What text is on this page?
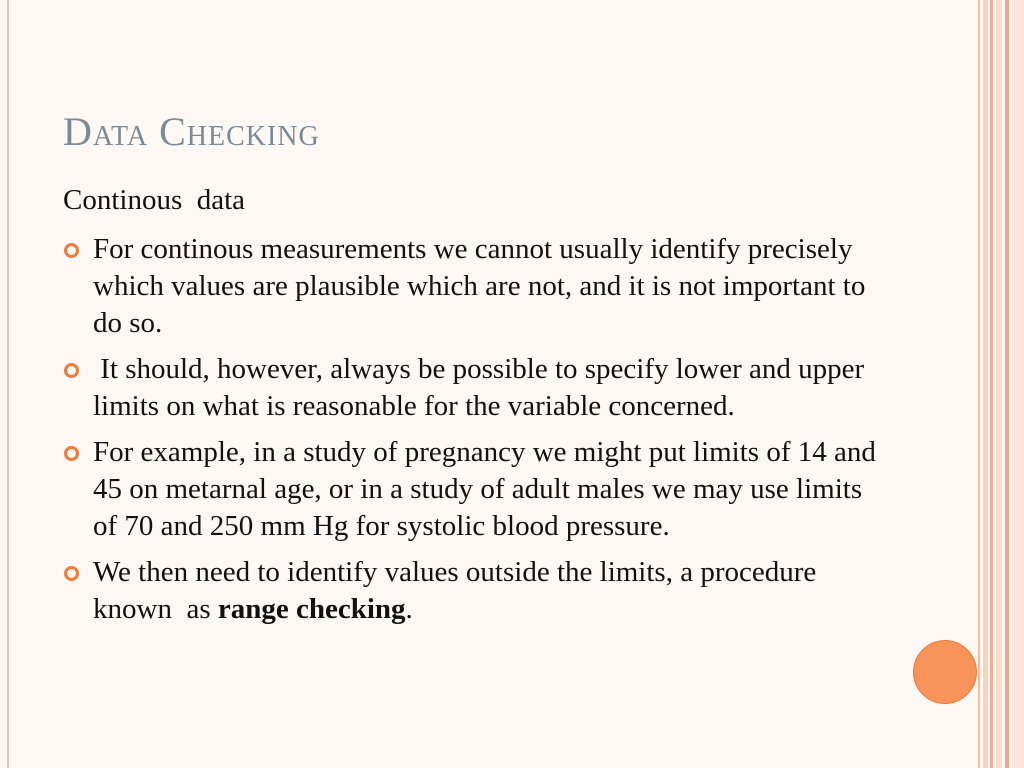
Data Checking
Continous  data
For continous measurements we cannot usually identify precisely which values are plausible which are not, and it is not important to do so.
It should, however, always be possible to specify lower and upper limits on what is reasonable for the variable concerned.
For example, in a study of pregnancy we might put limits of 14 and 45 on metarnal age, or in a study of adult males we may use limits of 70 and 250 mm Hg for systolic blood pressure.
We then need to identify values outside the limits, a procedure known  as range checking.
